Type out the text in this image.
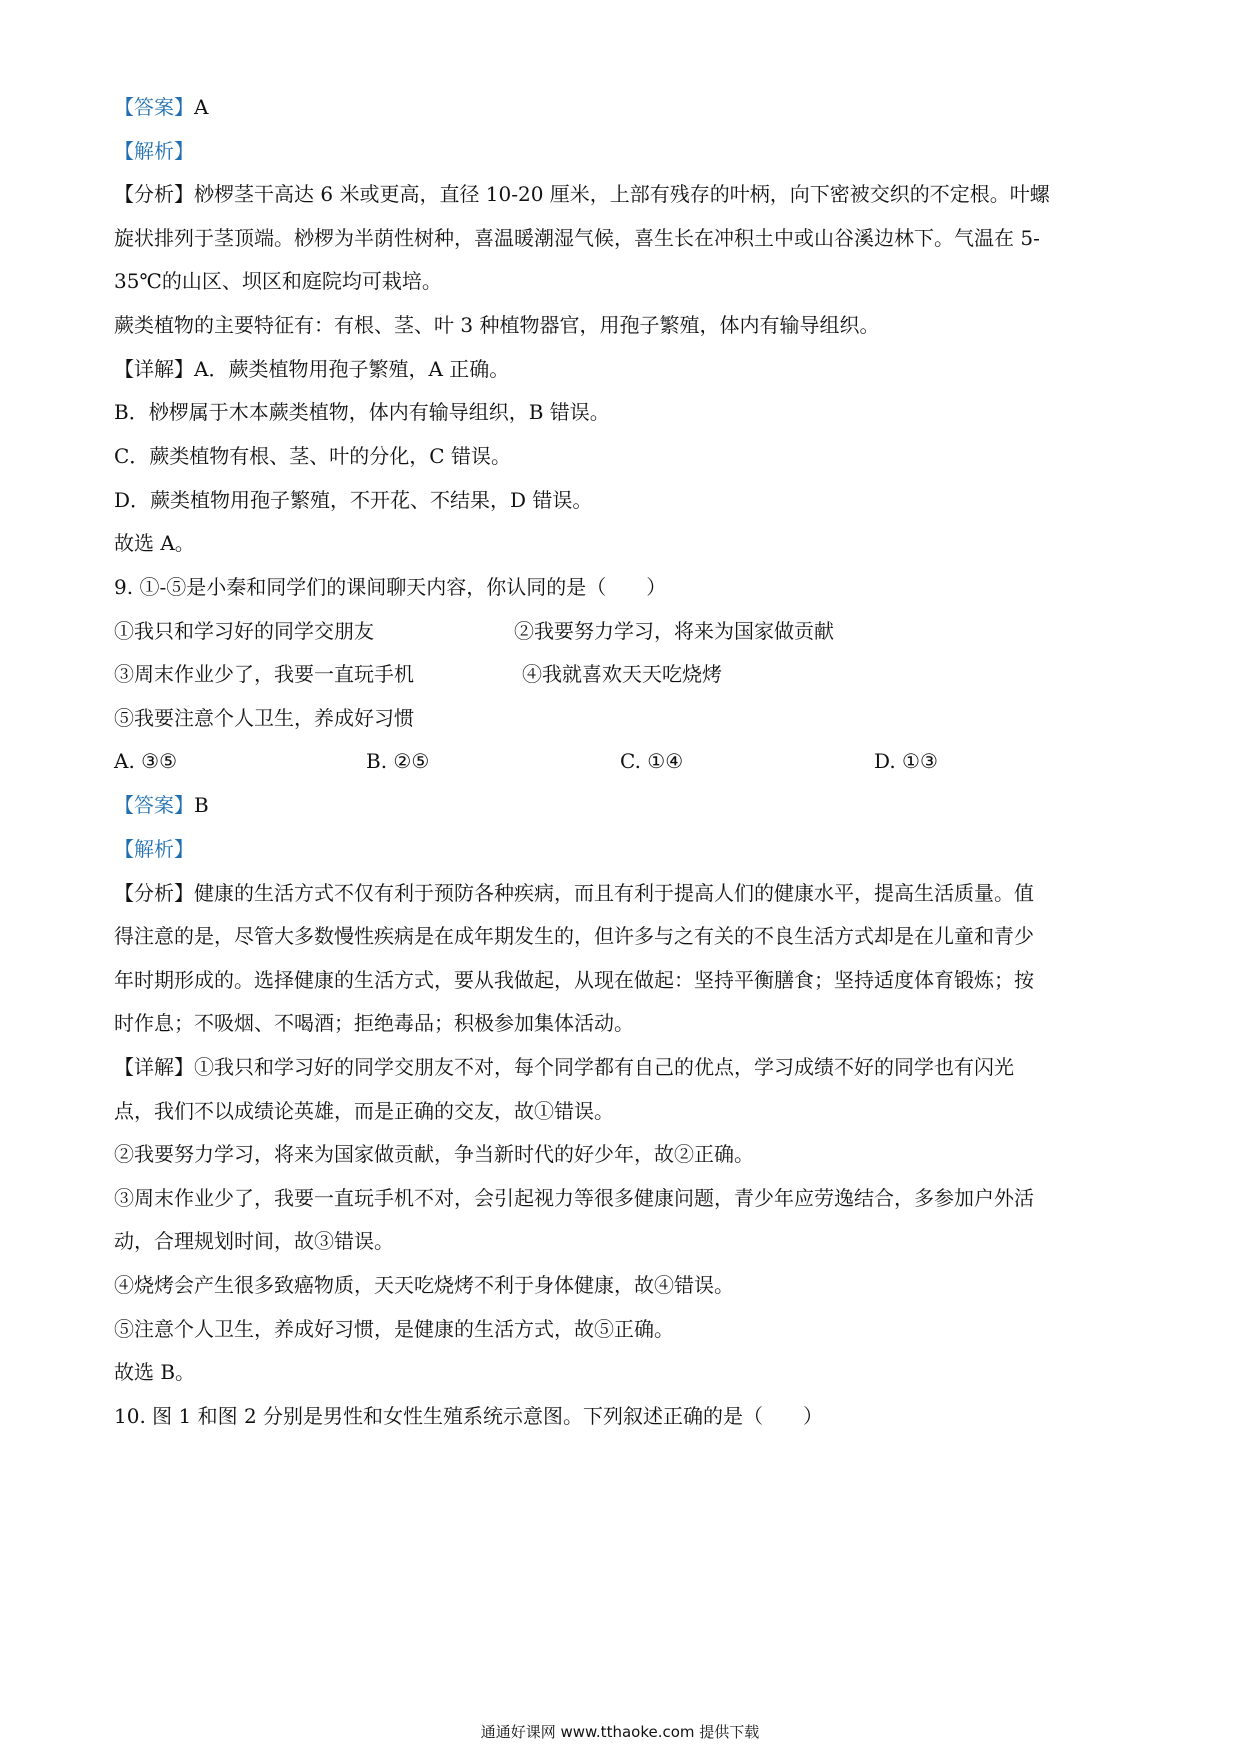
【答案】A
【解析】
【分析】桫椤茎干高达 6 米或更高，直径 10-20 厘米，上部有残存的叶柄，向下密被交织的不定根。叶螺
旋状排列于茎顶端。桫椤为半荫性树种，喜温暖潮湿气候，喜生长在冲积土中或山谷溪边林下。气温在 5-
35℃的山区、坝区和庭院均可栽培。
蕨类植物的主要特征有：有根、茎、叶 3 种植物器官，用孢子繁殖，体内有输导组织。
【详解】A．蕨类植物用孢子繁殖，A 正确。
B．桫椤属于木本蕨类植物，体内有输导组织，B 错误。
C．蕨类植物有根、茎、叶的分化，C 错误。
D．蕨类植物用孢子繁殖，不开花、不结果，D 错误。
故选 A。
9. ①-⑤是小秦和同学们的课间聊天内容，你认同的是（　　）
①我只和学习好的同学交朋友	②我要努力学习，将来为国家做贡献
③周末作业少了，我要一直玩手机	④我就喜欢天天吃烧烤
⑤我要注意个人卫生，养成好习惯
A. ③⑤	B. ②⑤	C. ①④	D. ①③
【答案】B
【解析】
【分析】健康的生活方式不仅有利于预防各种疾病，而且有利于提高人们的健康水平，提高生活质量。值
得注意的是，尽管大多数慢性疾病是在成年期发生的，但许多与之有关的不良生活方式却是在儿童和青少
年时期形成的。选择健康的生活方式，要从我做起，从现在做起：坚持平衡膳食；坚持适度体育锻炼；按
时作息；不吸烟、不喝酒；拒绝毒品；积极参加集体活动。
【详解】①我只和学习好的同学交朋友不对，每个同学都有自己的优点，学习成绩不好的同学也有闪光
点，我们不以成绩论英雄，而是正确的交友，故①错误。
②我要努力学习，将来为国家做贡献，争当新时代的好少年，故②正确。
③周末作业少了，我要一直玩手机不对，会引起视力等很多健康问题，青少年应劳逸结合，多参加户外活
动，合理规划时间，故③错误。
④烧烤会产生很多致癌物质，天天吃烧烤不利于身体健康，故④错误。
⑤注意个人卫生，养成好习惯，是健康的生活方式，故⑤正确。
故选 B。
10. 图 1 和图 2 分别是男性和女性生殖系统示意图。下列叙述正确的是（　　）
通通好课网 www.tthaoke.com 提供下载
